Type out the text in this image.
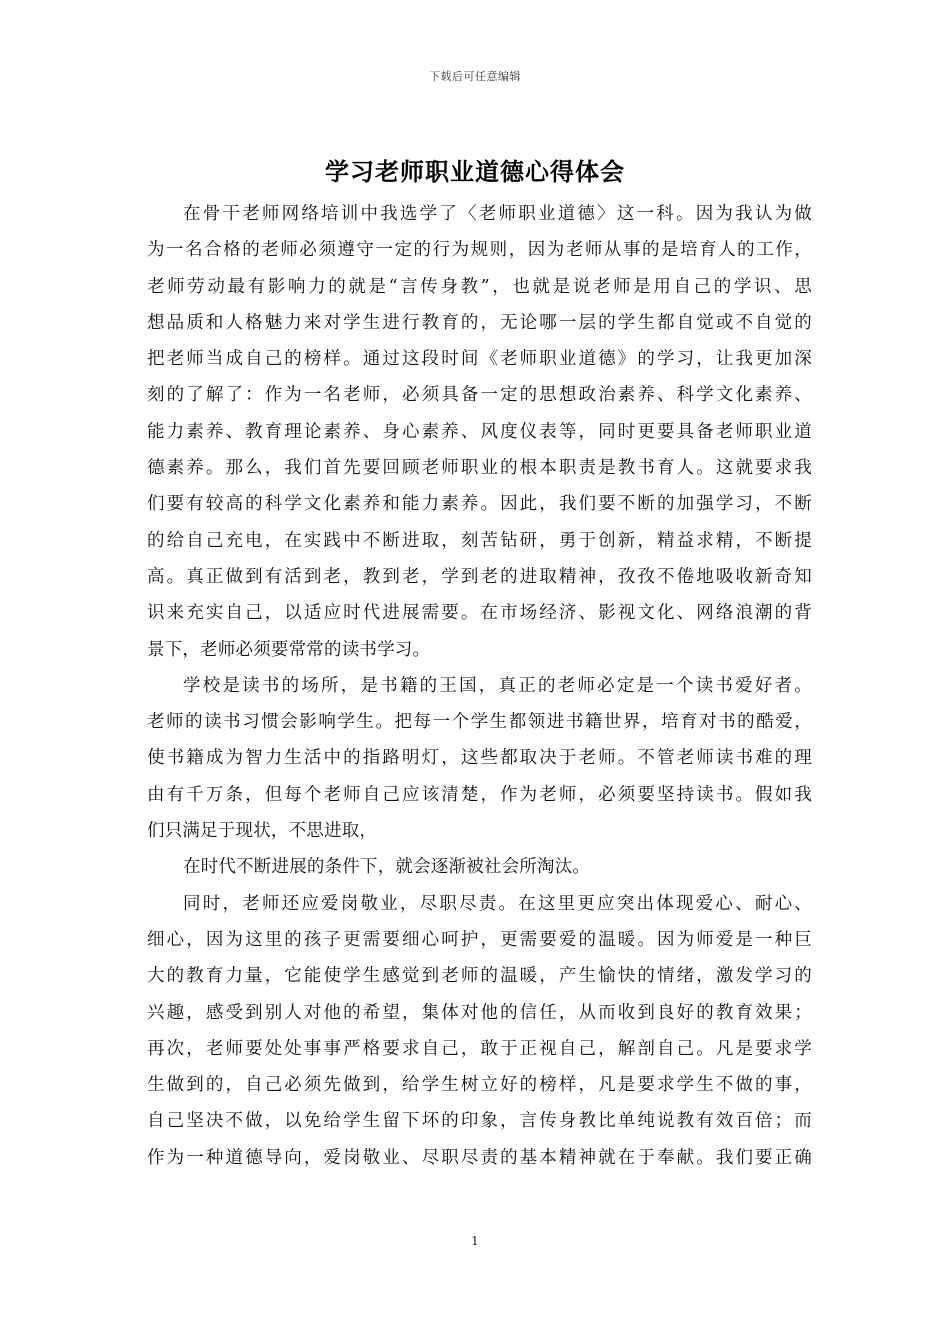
下载后可任意编辑
学习老师职业道德心得体会
在骨干老师网络培训中我选学了〈老师职业道德〉这一科。因为我认为做
为一名合格的老师必须遵守一定的行为规则，因为老师从事的是培育人的工作，
老师劳动最有影响力的就是“言传身教”，也就是说老师是用自己的学识、思
想品质和人格魅力来对学生进行教育的，无论哪一层的学生都自觉或不自觉的
把老师当成自己的榜样。通过这段时间《老师职业道德》的学习，让我更加深
刻的了解了：作为一名老师，必须具备一定的思想政治素养、科学文化素养、
能力素养、教育理论素养、身心素养、风度仪表等，同时更要具备老师职业道
德素养。那么，我们首先要回顾老师职业的根本职责是教书育人。这就要求我
们要有较高的科学文化素养和能力素养。因此，我们要不断的加强学习，不断
的给自己充电，在实践中不断进取，刻苦钻研，勇于创新，精益求精，不断提
高。真正做到有活到老，教到老，学到老的进取精神，孜孜不倦地吸收新奇知
识来充实自己，以适应时代进展需要。在市场经济、影视文化、网络浪潮的背
景下，老师必须要常常的读书学习。
学校是读书的场所，是书籍的王国，真正的老师必定是一个读书爱好者。
老师的读书习惯会影响学生。把每一个学生都领进书籍世界，培育对书的酷爱，
使书籍成为智力生活中的指路明灯，这些都取决于老师。不管老师读书难的理
由有千万条，但每个老师自己应该清楚，作为老师，必须要坚持读书。假如我
们只满足于现状，不思进取，
在时代不断进展的条件下，就会逐渐被社会所淘汰。
同时，老师还应爱岗敬业，尽职尽责。在这里更应突出体现爱心、耐心、
细心，因为这里的孩子更需要细心呵护，更需要爱的温暖。因为师爱是一种巨
大的教育力量，它能使学生感觉到老师的温暖，产生愉快的情绪，激发学习的
兴趣，感受到别人对他的希望，集体对他的信任，从而收到良好的教育效果；
再次，老师要处处事事严格要求自己，敢于正视自己，解剖自己。凡是要求学
生做到的，自己必须先做到，给学生树立好的榜样，凡是要求学生不做的事，
自己坚决不做，以免给学生留下坏的印象，言传身教比单纯说教有效百倍；而
作为一种道德导向，爱岗敬业、尽职尽责的基本精神就在于奉献。我们要正确
1
